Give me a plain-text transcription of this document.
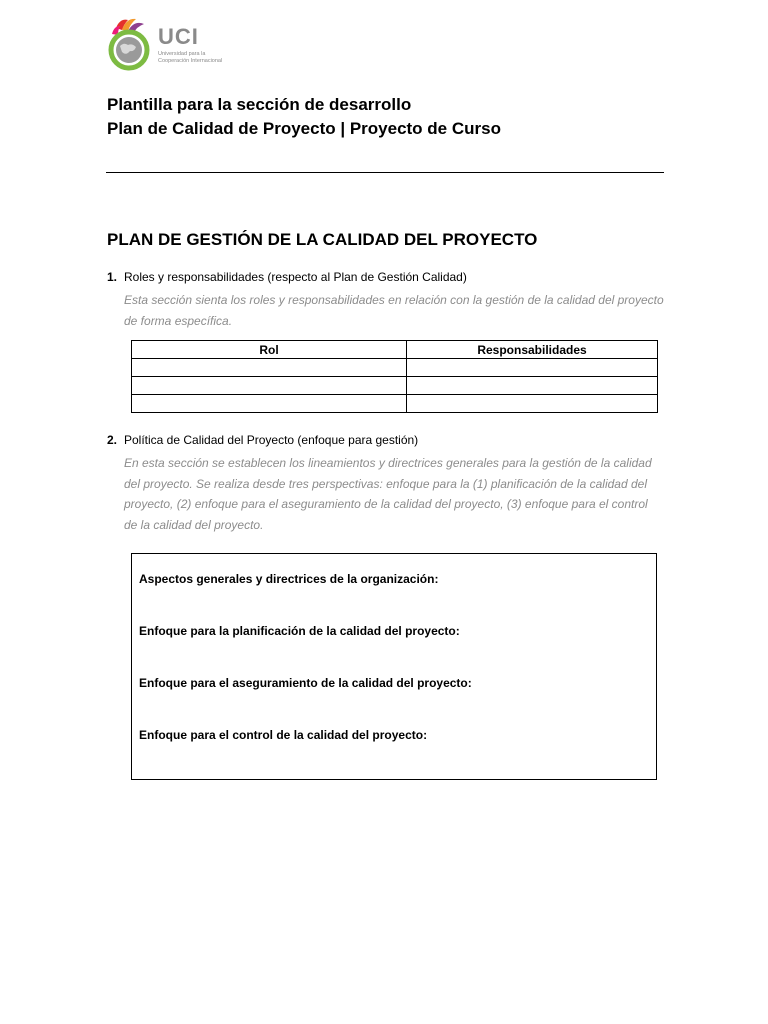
UCI
Universidad para la Cooperación Internacional
Plantilla para la sección de desarrollo
Plan de Calidad de Proyecto | Proyecto de Curso
PLAN DE GESTIÓN DE LA CALIDAD DEL PROYECTO
1. Roles y responsabilidades (respecto al Plan de Gestión Calidad)
Esta sección sienta los roles y responsabilidades en relación con la gestión de la calidad del proyecto de forma específica.
Rol	Responsabilidades

2. Política de Calidad del Proyecto (enfoque para gestión)
En esta sección se establecen los lineamientos y directrices generales para la gestión de la calidad del proyecto. Se realiza desde tres perspectivas: enfoque para la (1) planificación de la calidad del proyecto, (2) enfoque para el aseguramiento de la calidad del proyecto, (3) enfoque para el control de la calidad del proyecto.
Aspectos generales y directrices de la organización:
Enfoque para la planificación de la calidad del proyecto:
Enfoque para el aseguramiento de la calidad del proyecto:
Enfoque para el control de la calidad del proyecto:
